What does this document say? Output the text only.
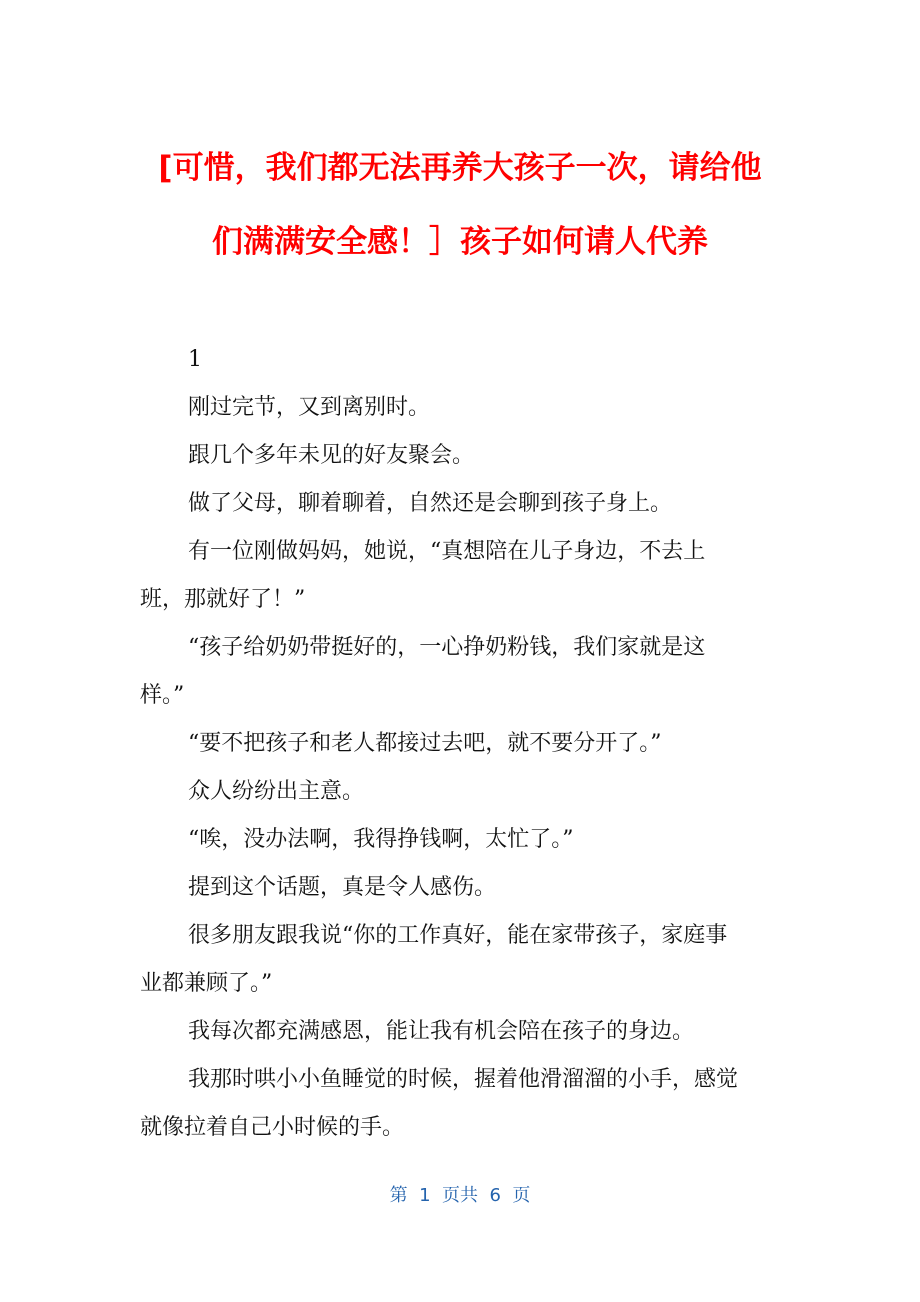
[可惜，我们都无法再养大孩子一次，请给他
们满满安全感！］孩子如何请人代养

1

刚过完节，又到离别时。

跟几个多年未见的好友聚会。

做了父母，聊着聊着，自然还是会聊到孩子身上。

有一位刚做妈妈，她说，“真想陪在儿子身边，不去上
班，那就好了！”

“孩子给奶奶带挺好的，一心挣奶粉钱，我们家就是这
样。”

“要不把孩子和老人都接过去吧，就不要分开了。”

众人纷纷出主意。

“唉，没办法啊，我得挣钱啊，太忙了。”

提到这个话题，真是令人感伤。

很多朋友跟我说“你的工作真好，能在家带孩子，家庭事
业都兼顾了。”

我每次都充满感恩，能让我有机会陪在孩子的身边。

我那时哄小小鱼睡觉的时候，握着他滑溜溜的小手，感觉
就像拉着自己小时候的手。

第  1  页共  6  页
